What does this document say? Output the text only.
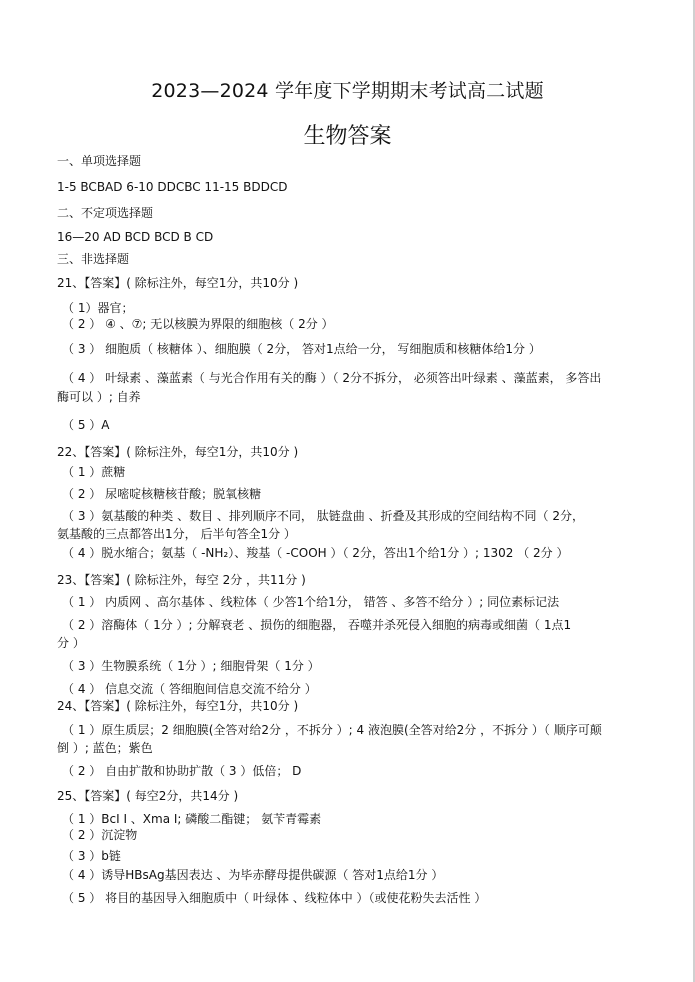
2023—2024 学年度下学期期末考试高二试题
生物答案
一、单项选择题
1-5 BCBAD 6-10 DDCBC 11-15 BDDCD
二、不定项选择题
16—20 AD BCD BCD B CD
三、非选择题
21、【答案】( 除标注外，每空1分，共10分 )
（ 1）器官；
（ 2 ） ④ 、⑦; 无以核膜为界限的细胞核（ 2分 ）
（ 3 ） 细胞质（ 核糖体 ）、细胞膜（ 2分， 答对1点给一分， 写细胞质和核糖体给1分 ）
（ 4 ） 叶绿素 、藻蓝素（ 与光合作用有关的酶 ）（ 2分不拆分， 必须答出叶绿素 、藻蓝素， 多答出
酶可以 ）; 自养
（ 5 ）A
22、【答案】( 除标注外，每空1分，共10分 )
（ 1 ）蔗糖
（ 2 ） 尿嘧啶核糖核苷酸；脱氧核糖
（ 3 ）氨基酸的种类 、数目 、排列顺序不同， 肽链盘曲 、折叠及其形成的空间结构不同（ 2分，
氨基酸的三点都答出1分， 后半句答全1分 ）
（ 4 ）脱水缩合；氨基（ -NH₂）、羧基（ -COOH ）（ 2分，答出1个给1分 ）; 1302 （ 2分 ）
23、【答案】( 除标注外，每空 2分 ，共11分 )
（ 1 ） 内质网 、高尔基体 、线粒体（ 少答1个给1分， 错答 、多答不给分 ）; 同位素标记法
（ 2 ）溶酶体（ 1分 ）; 分解衰老 、损伤的细胞器， 吞噬并杀死侵入细胞的病毒或细菌（ 1点1
分 ）
（ 3 ）生物膜系统（ 1分 ）; 细胞骨架（ 1分 ）
（ 4 ） 信息交流（ 答细胞间信息交流不给分 ）
24、【答案】( 除标注外，每空1分，共10分 )
（ 1 ）原生质层；2 细胞膜(全答对给2分 ，不拆分 ）; 4 液泡膜(全答对给2分 ，不拆分 ）（ 顺序可颠
倒 ）; 蓝色；紫色
（ 2 ） 自由扩散和协助扩散（ 3 ）低倍； D
25、【答案】( 每空2分，共14分 )
（ 1 ）BcI Ⅰ 、Xma Ⅰ; 磷酸二酯键； 氨苄青霉素
（ 2 ）沉淀物
（ 3 ）b链
（ 4 ）诱导HBsAg基因表达 、为毕赤酵母提供碳源（ 答对1点给1分 ）
（ 5 ） 将目的基因导入细胞质中（ 叶绿体 、线粒体中 ）（或使花粉失去活性 ）
